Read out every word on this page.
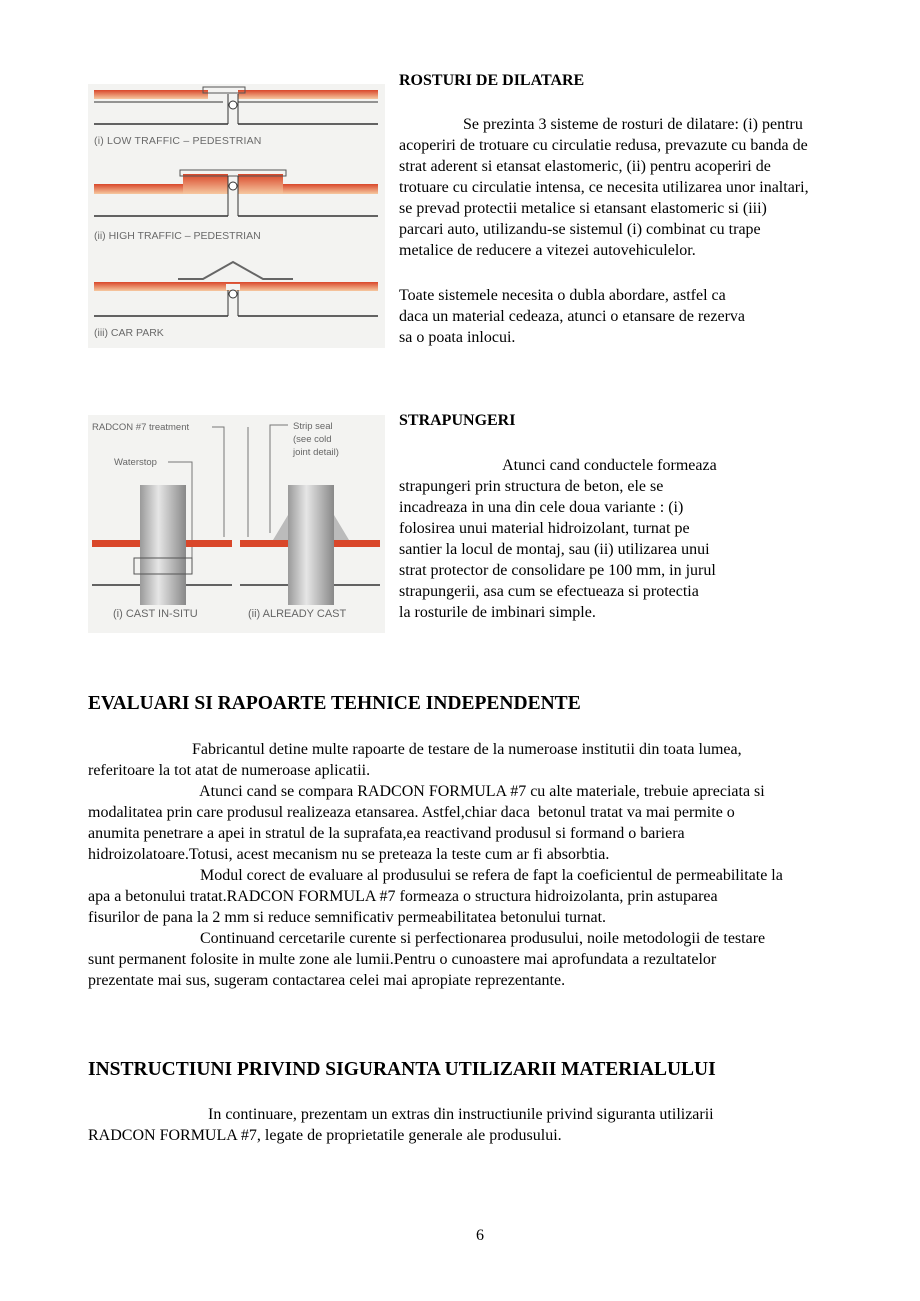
(i) LOW TRAFFIC – PEDESTRIAN
(ii) HIGH TRAFFIC – PEDESTRIAN
(iii) CAR PARK
ROSTURI DE DILATARE
Se prezinta 3 sisteme de rosturi de dilatare: (i) pentru
acoperiri de trotuare cu circulatie redusa, prevazute cu banda de
strat aderent si etansat elastomeric, (ii) pentru acoperiri de
trotuare cu circulatie intensa, ce necesita utilizarea unor inaltari,
se prevad protectii metalice si etansant elastomeric si (iii)
parcari auto, utilizandu-se sistemul (i) combinat cu trape
metalice de reducere a vitezei autovehiculelor.
Toate sistemele necesita o dubla abordare, astfel ca
daca un material cedeaza, atunci o etansare de rezerva
sa o poata inlocui.
RADCON #7 treatment
Waterstop
Strip seal
(see cold
joint detail)
(i) CAST IN-SITU	(ii) ALREADY CAST
STRAPUNGERI
Atunci cand conductele formeaza
strapungeri prin structura de beton, ele se
incadreaza in una din cele doua variante : (i)
folosirea unui material hidroizolant, turnat pe
santier la locul de montaj, sau (ii) utilizarea unui
strat protector de consolidare pe 100 mm, in jurul
strapungerii, asa cum se efectueaza si protectia
la rosturile de imbinari simple.
EVALUARI SI RAPOARTE TEHNICE INDEPENDENTE
Fabricantul detine multe rapoarte de testare de la numeroase institutii din toata lumea,
referitoare la tot atat de numeroase aplicatii.
Atunci cand se compara RADCON FORMULA #7 cu alte materiale, trebuie apreciata si
modalitatea prin care produsul realizeaza etansarea. Astfel,chiar daca  betonul tratat va mai permite o
anumita penetrare a apei in stratul de la suprafata,ea reactivand produsul si formand o bariera
hidroizolatoare.Totusi, acest mecanism nu se preteaza la teste cum ar fi absorbtia.
Modul corect de evaluare al produsului se refera de fapt la coeficientul de permeabilitate la
apa a betonului tratat.RADCON FORMULA #7 formeaza o structura hidroizolanta, prin astuparea
fisurilor de pana la 2 mm si reduce semnificativ permeabilitatea betonului turnat.
Continuand cercetarile curente si perfectionarea produsului, noile metodologii de testare
sunt permanent folosite in multe zone ale lumii.Pentru o cunoastere mai aprofundata a rezultatelor
prezentate mai sus, sugeram contactarea celei mai apropiate reprezentante.
INSTRUCTIUNI PRIVIND SIGURANTA UTILIZARII MATERIALULUI
In continuare, prezentam un extras din instructiunile privind siguranta utilizarii
RADCON FORMULA #7, legate de proprietatile generale ale produsului.
6
